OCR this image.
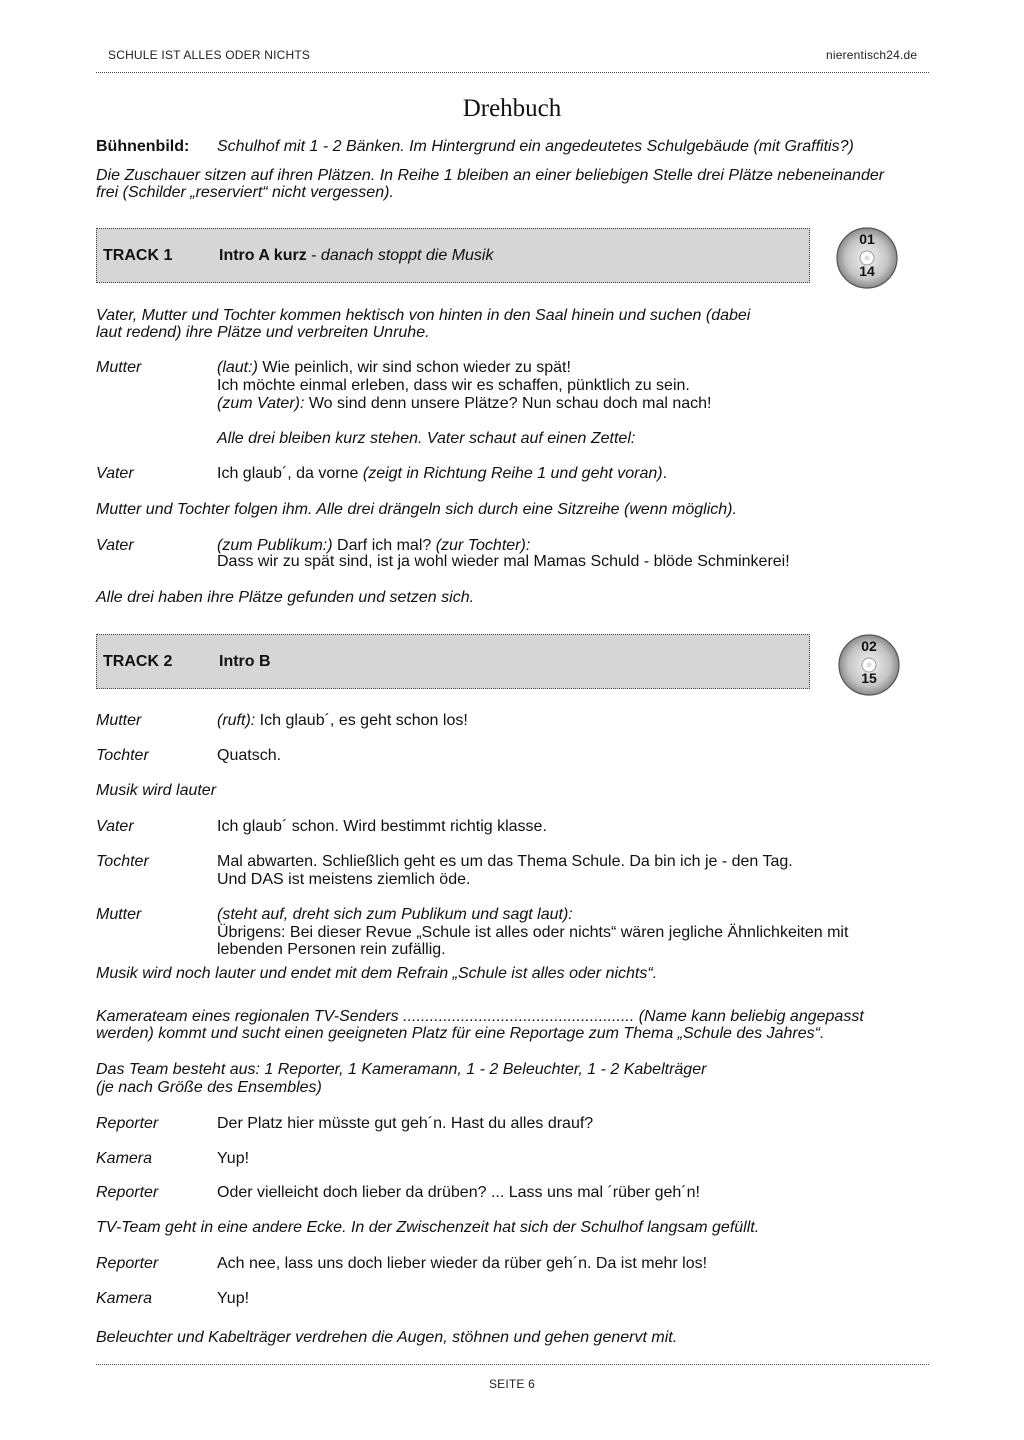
SCHULE IST ALLES ODER NICHTS	nierentisch24.de
Drehbuch
Bühnenbild: Schulhof mit 1 - 2 Bänken. Im Hintergrund ein angedeutetes Schulgebäude (mit Graffitis?)
Die Zuschauer sitzen auf ihren Plätzen. In Reihe 1 bleiben an einer beliebigen Stelle drei Plätze nebeneinander
frei (Schilder „reserviert“ nicht vergessen).
TRACK 1	Intro A kurz - danach stoppt die Musik
01
14
Vater, Mutter und Tochter kommen hektisch von hinten in den Saal hinein und suchen (dabei
laut redend) ihre Plätze und verbreiten Unruhe.
Mutter	(laut:) Wie peinlich, wir sind schon wieder zu spät!
Ich möchte einmal erleben, dass wir es schaffen, pünktlich zu sein.
(zum Vater): Wo sind denn unsere Plätze? Nun schau doch mal nach!
Alle drei bleiben kurz stehen. Vater schaut auf einen Zettel:
Vater	Ich glaub´, da vorne (zeigt in Richtung Reihe 1 und geht voran).
Mutter und Tochter folgen ihm. Alle drei drängeln sich durch eine Sitzreihe (wenn möglich).
Vater	(zum Publikum:) Darf ich mal? (zur Tochter):
Dass wir zu spät sind, ist ja wohl wieder mal Mamas Schuld - blöde Schminkerei!
Alle drei haben ihre Plätze gefunden und setzen sich.
TRACK 2	Intro B
02
15
Mutter	(ruft): Ich glaub´, es geht schon los!
Tochter	Quatsch.
Musik wird lauter
Vater	Ich glaub´ schon. Wird bestimmt richtig klasse.
Tochter	Mal abwarten. Schließlich geht es um das Thema Schule. Da bin ich je - den Tag.
Und DAS ist meistens ziemlich öde.
Mutter	(steht auf, dreht sich zum Publikum und sagt laut):
Übrigens: Bei dieser Revue „Schule ist alles oder nichts“ wären jegliche Ähnlichkeiten mit
lebenden Personen rein zufällig.
Musik wird noch lauter und endet mit dem Refrain „Schule ist alles oder nichts“.
Kamerateam eines regionalen TV-Senders .................................................... (Name kann beliebig angepasst
werden) kommt und sucht einen geeigneten Platz für eine Reportage zum Thema „Schule des Jahres“.
Das Team besteht aus: 1 Reporter, 1 Kameramann, 1 - 2 Beleuchter, 1 - 2 Kabelträger
(je nach Größe des Ensembles)
Reporter	Der Platz hier müsste gut geh´n. Hast du alles drauf?
Kamera	Yup!
Reporter	Oder vielleicht doch lieber da drüben? ... Lass uns mal ´rüber geh´n!
TV-Team geht in eine andere Ecke. In der Zwischenzeit hat sich der Schulhof langsam gefüllt.
Reporter	Ach nee, lass uns doch lieber wieder da rüber geh´n. Da ist mehr los!
Kamera	Yup!
Beleuchter und Kabelträger verdrehen die Augen, stöhnen und gehen genervt mit.
SEITE 6
